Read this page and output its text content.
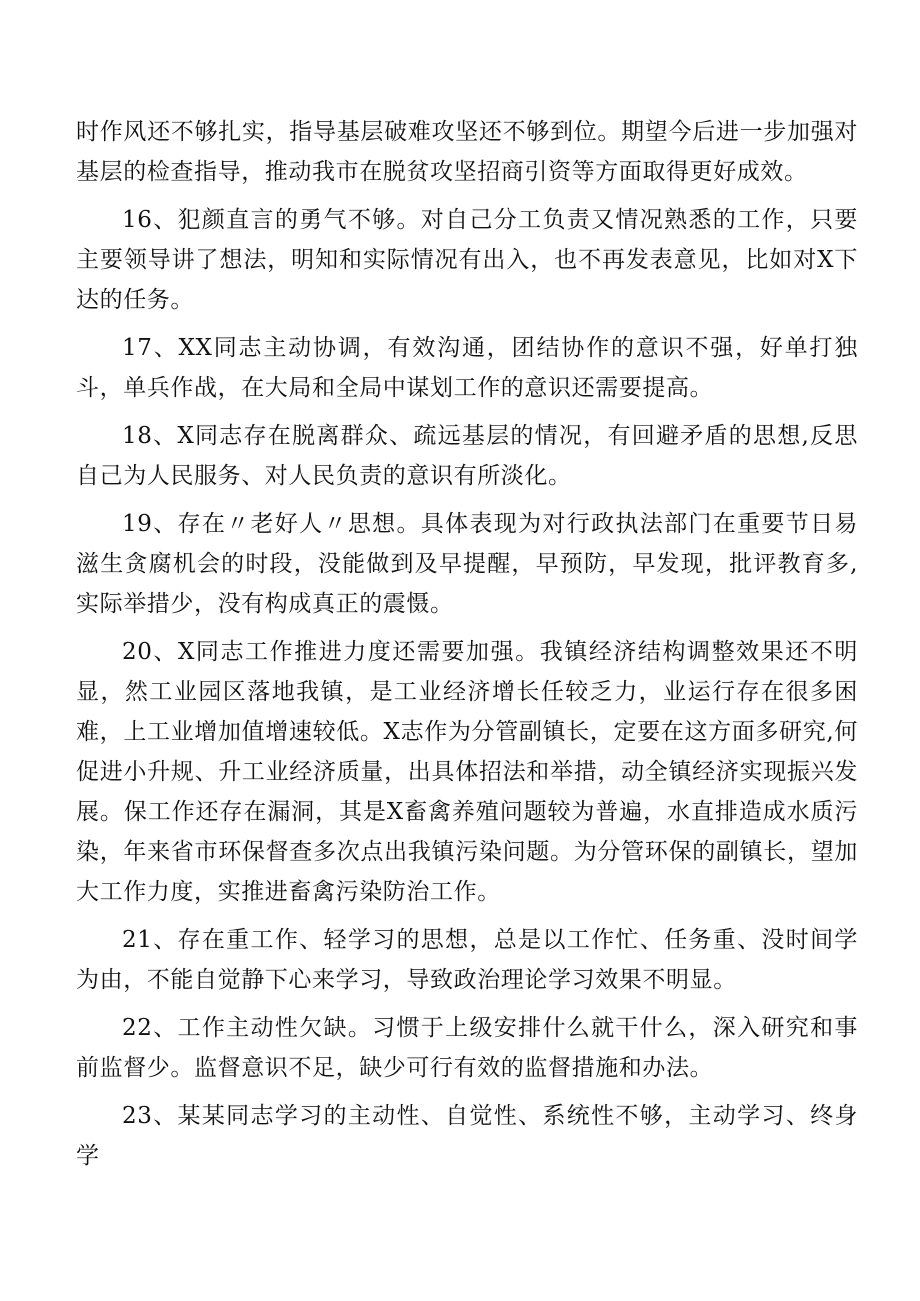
时作风还不够扎实，指导基层破难攻坚还不够到位。期望今后进一步加强对基层的检查指导，推动我市在脱贫攻坚招商引资等方面取得更好成效。

16、犯颜直言的勇气不够。对自己分工负责又情况熟悉的工作，只要主要领导讲了想法，明知和实际情况有出入，也不再发表意见，比如对X下达的任务。

17、XX同志主动协调，有效沟通，团结协作的意识不强，好单打独斗，单兵作战，在大局和全局中谋划工作的意识还需要提高。

18、X同志存在脱离群众、疏远基层的情况，有回避矛盾的思想,反思自己为人民服务、对人民负责的意识有所淡化。

19、存在〃老好人〃思想。具体表现为对行政执法部门在重要节日易滋生贪腐机会的时段，没能做到及早提醒，早预防，早发现，批评教育多,实际举措少，没有构成真正的震慑。

20、X同志工作推进力度还需要加强。我镇经济结构调整效果还不明显，然工业园区落地我镇，是工业经济增长任较乏力，业运行存在很多困难，上工业增加值增速较低。X志作为分管副镇长，定要在这方面多研究,何促进小升规、升工业经济质量，出具体招法和举措，动全镇经济实现振兴发展。保工作还存在漏洞，其是X畜禽养殖问题较为普遍，水直排造成水质污染，年来省市环保督查多次点出我镇污染问题。为分管环保的副镇长，望加大工作力度，实推进畜禽污染防治工作。

21、存在重工作、轻学习的思想，总是以工作忙、任务重、没时间学为由，不能自觉静下心来学习，导致政治理论学习效果不明显。

22、工作主动性欠缺。习惯于上级安排什么就干什么，深入研究和事前监督少。监督意识不足，缺少可行有效的监督措施和办法。

23、某某同志学习的主动性、自觉性、系统性不够，主动学习、终身学
